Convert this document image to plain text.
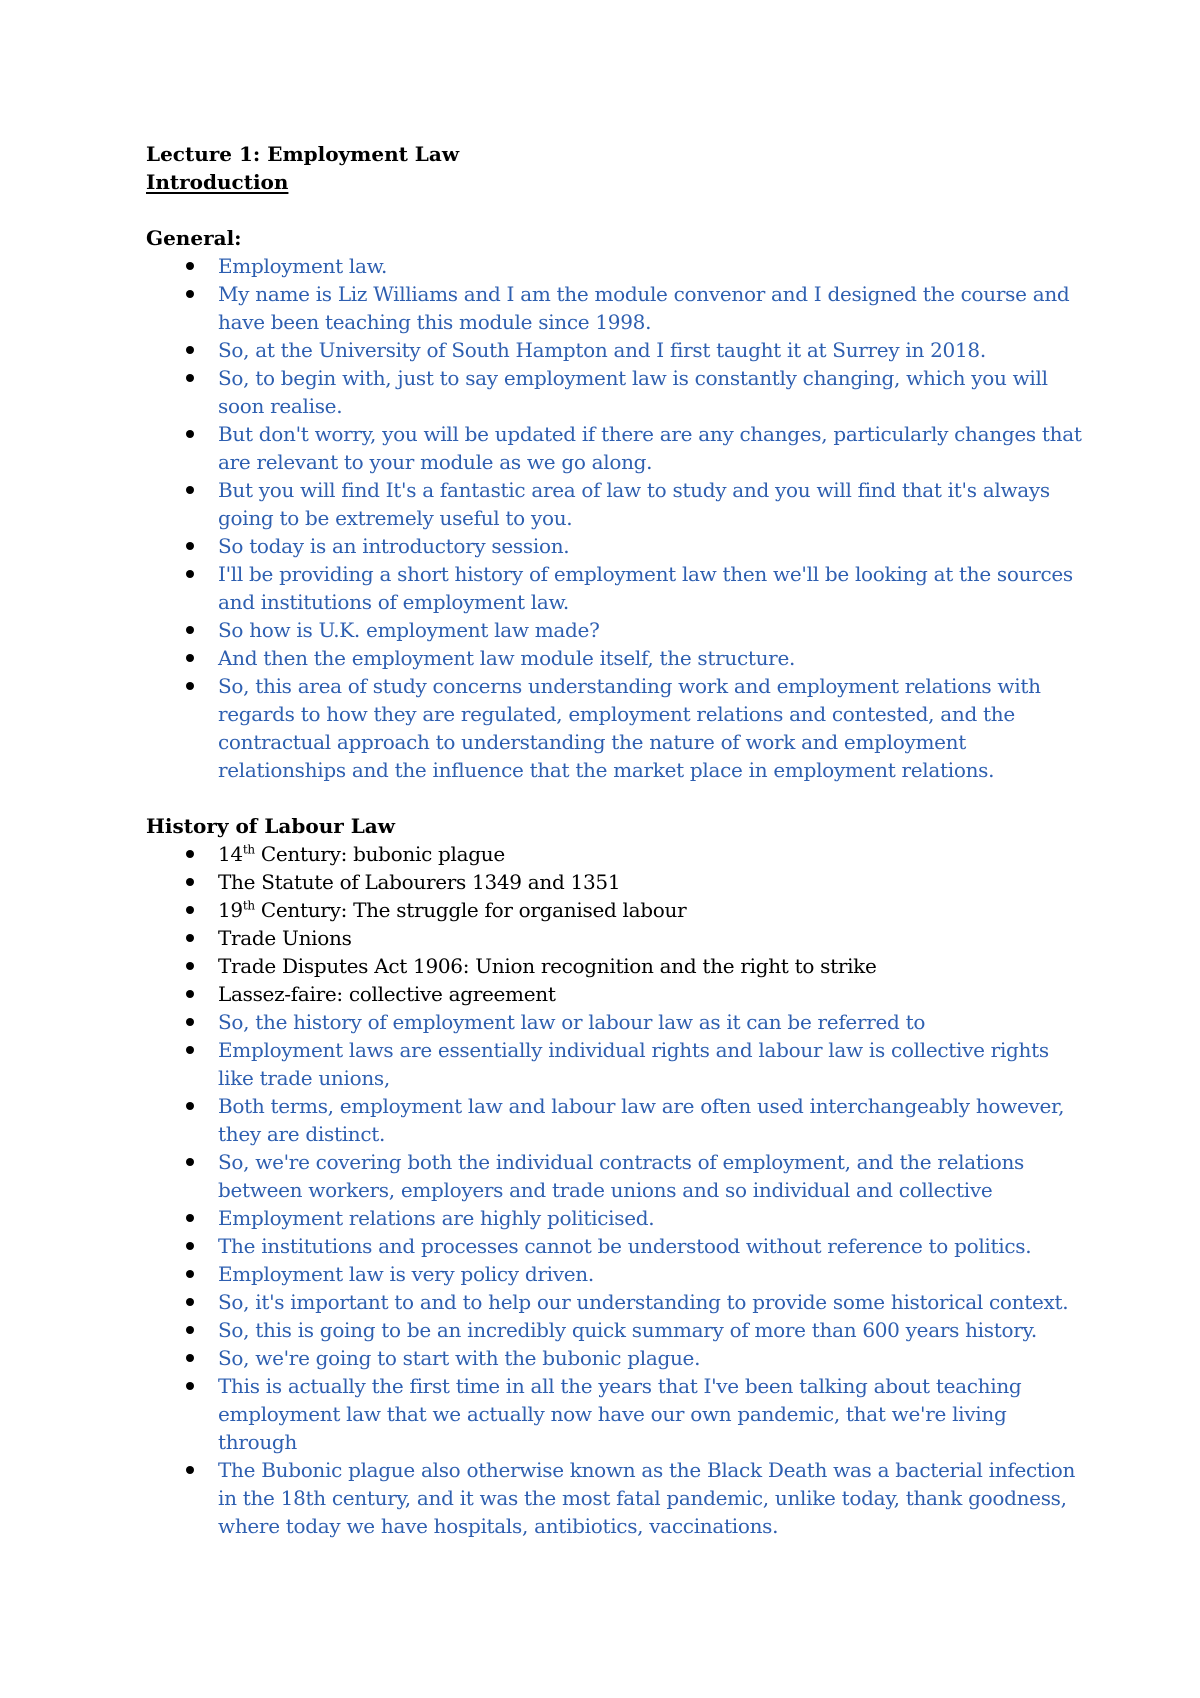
Lecture 1: Employment Law

Introduction

General:

Employment law.
My name is Liz Williams and I am the module convenor and I designed the course and have been teaching this module since 1998.
So, at the University of South Hampton and I first taught it at Surrey in 2018.
So, to begin with, just to say employment law is constantly changing, which you will soon realise.
But don't worry, you will be updated if there are any changes, particularly changes that are relevant to your module as we go along.
But you will find It's a fantastic area of law to study and you will find that it's always going to be extremely useful to you.
So today is an introductory session.
I'll be providing a short history of employment law then we'll be looking at the sources and institutions of employment law.
So how is U.K. employment law made?
And then the employment law module itself, the structure.
So, this area of study concerns understanding work and employment relations with regards to how they are regulated, employment relations and contested, and the contractual approach to understanding the nature of work and employment relationships and the influence that the market place in employment relations.

History of Labour Law

14th Century: bubonic plague
The Statute of Labourers 1349 and 1351
19th Century: The struggle for organised labour
Trade Unions
Trade Disputes Act 1906: Union recognition and the right to strike
Lassez-faire: collective agreement
So, the history of employment law or labour law as it can be referred to
Employment laws are essentially individual rights and labour law is collective rights like trade unions,
Both terms, employment law and labour law are often used interchangeably however, they are distinct.
So, we're covering both the individual contracts of employment, and the relations between workers, employers and trade unions and so individual and collective
Employment relations are highly politicised.
The institutions and processes cannot be understood without reference to politics.
Employment law is very policy driven.
So, it's important to and to help our understanding to provide some historical context.
So, this is going to be an incredibly quick summary of more than 600 years history.
So, we're going to start with the bubonic plague.
This is actually the first time in all the years that I've been talking about teaching employment law that we actually now have our own pandemic, that we're living through
The Bubonic plague also otherwise known as the Black Death was a bacterial infection in the 18th century, and it was the most fatal pandemic, unlike today, thank goodness, where today we have hospitals, antibiotics, vaccinations.
